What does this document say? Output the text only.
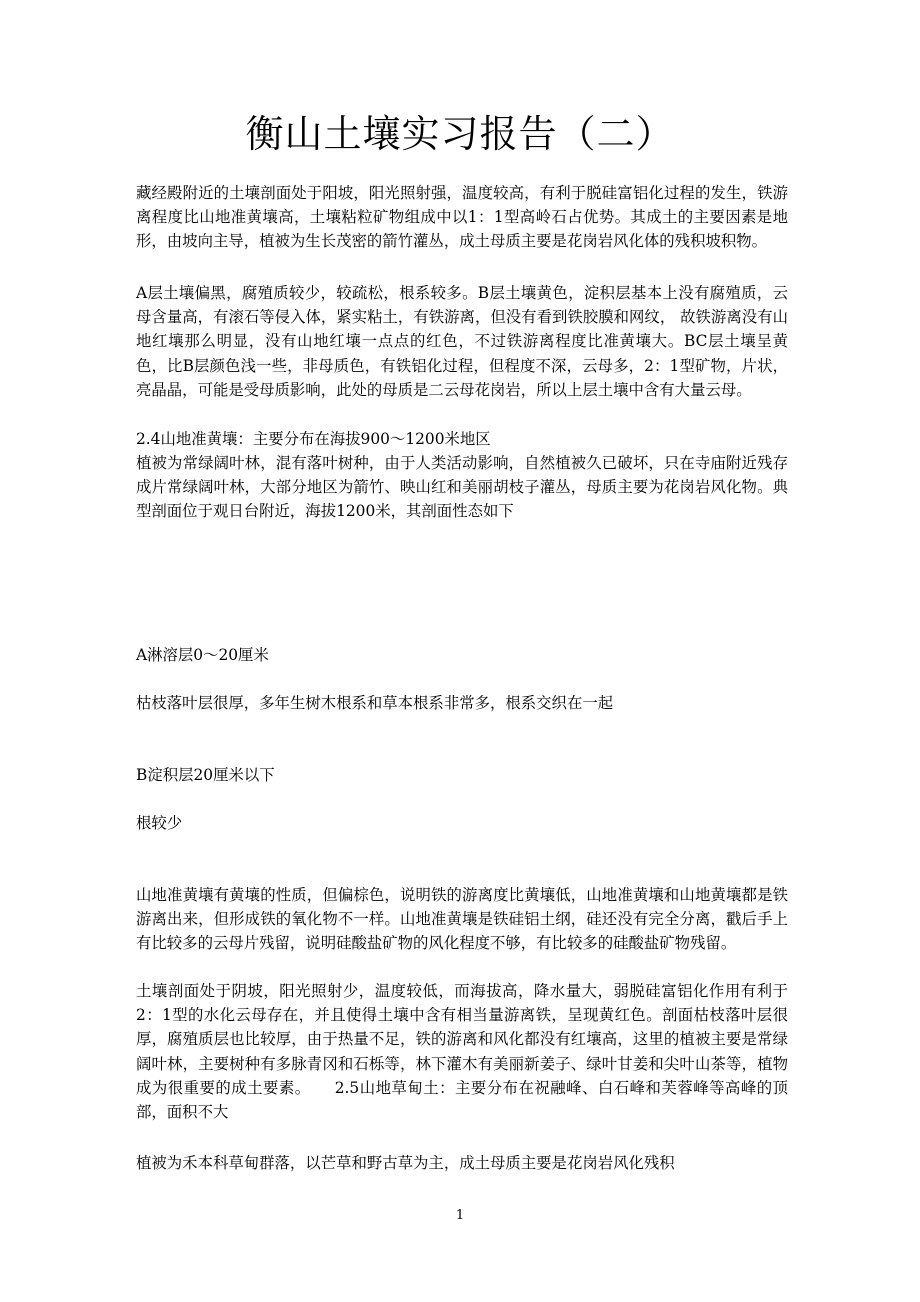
衡山土壤实习报告（二）
藏经殿附近的土壤剖面处于阳坡，阳光照射强，温度较高，有利于脱硅富铝化过程的发生，铁游离程度比山地准黄壤高，土壤粘粒矿物组成中以1：1型高岭石占优势。其成土的主要因素是地形，由坡向主导，植被为生长茂密的箭竹灌丛，成土母质主要是花岗岩风化体的残积坡积物。
A层土壤偏黑，腐殖质较少，较疏松，根系较多。B层土壤黄色，淀积层基本上没有腐殖质，云母含量高，有滚石等侵入体，紧实粘土，有铁游离，但没有看到铁胶膜和网纹， 故铁游离没有山地红壤那么明显，没有山地红壤一点点的红色，不过铁游离程度比准黄壤大。BC层土壤呈黄色，比B层颜色浅一些，非母质色，有铁铝化过程，但程度不深，云母多，2：1型矿物，片状，亮晶晶，可能是受母质影响，此处的母质是二云母花岗岩，所以上层土壤中含有大量云母。
2.4山地准黄壤：主要分布在海拔900～1200米地区
植被为常绿阔叶林，混有落叶树种，由于人类活动影响，自然植被久已破坏，只在寺庙附近残存成片常绿阔叶林，大部分地区为箭竹、映山红和美丽胡枝子灌丛，母质主要为花岗岩风化物。典型剖面位于观日台附近，海拔1200米，其剖面性态如下
A淋溶层0～20厘米
枯枝落叶层很厚，多年生树木根系和草本根系非常多，根系交织在一起
B淀积层20厘米以下
根较少
山地准黄壤有黄壤的性质，但偏棕色，说明铁的游离度比黄壤低，山地准黄壤和山地黄壤都是铁游离出来，但形成铁的氧化物不一样。山地准黄壤是铁硅铝土纲，硅还没有完全分离，戳后手上有比较多的云母片残留，说明硅酸盐矿物的风化程度不够，有比较多的硅酸盐矿物残留。
土壤剖面处于阴坡，阳光照射少，温度较低，而海拔高，降水量大，弱脱硅富铝化作用有利于2：1型的水化云母存在，并且使得土壤中含有相当量游离铁，呈现黄红色。剖面枯枝落叶层很厚，腐殖质层也比较厚，由于热量不足，铁的游离和风化都没有红壤高，这里的植被主要是常绿阔叶林，主要树种有多脉青冈和石栎等，林下灌木有美丽新姜子、绿叶甘姜和尖叶山茶等，植物成为很重要的成土要素。　　2.5山地草甸土：主要分布在祝融峰、白石峰和芙蓉峰等高峰的顶部，面积不大
植被为禾本科草甸群落，以芒草和野古草为主，成土母质主要是花岗岩风化残积
1
